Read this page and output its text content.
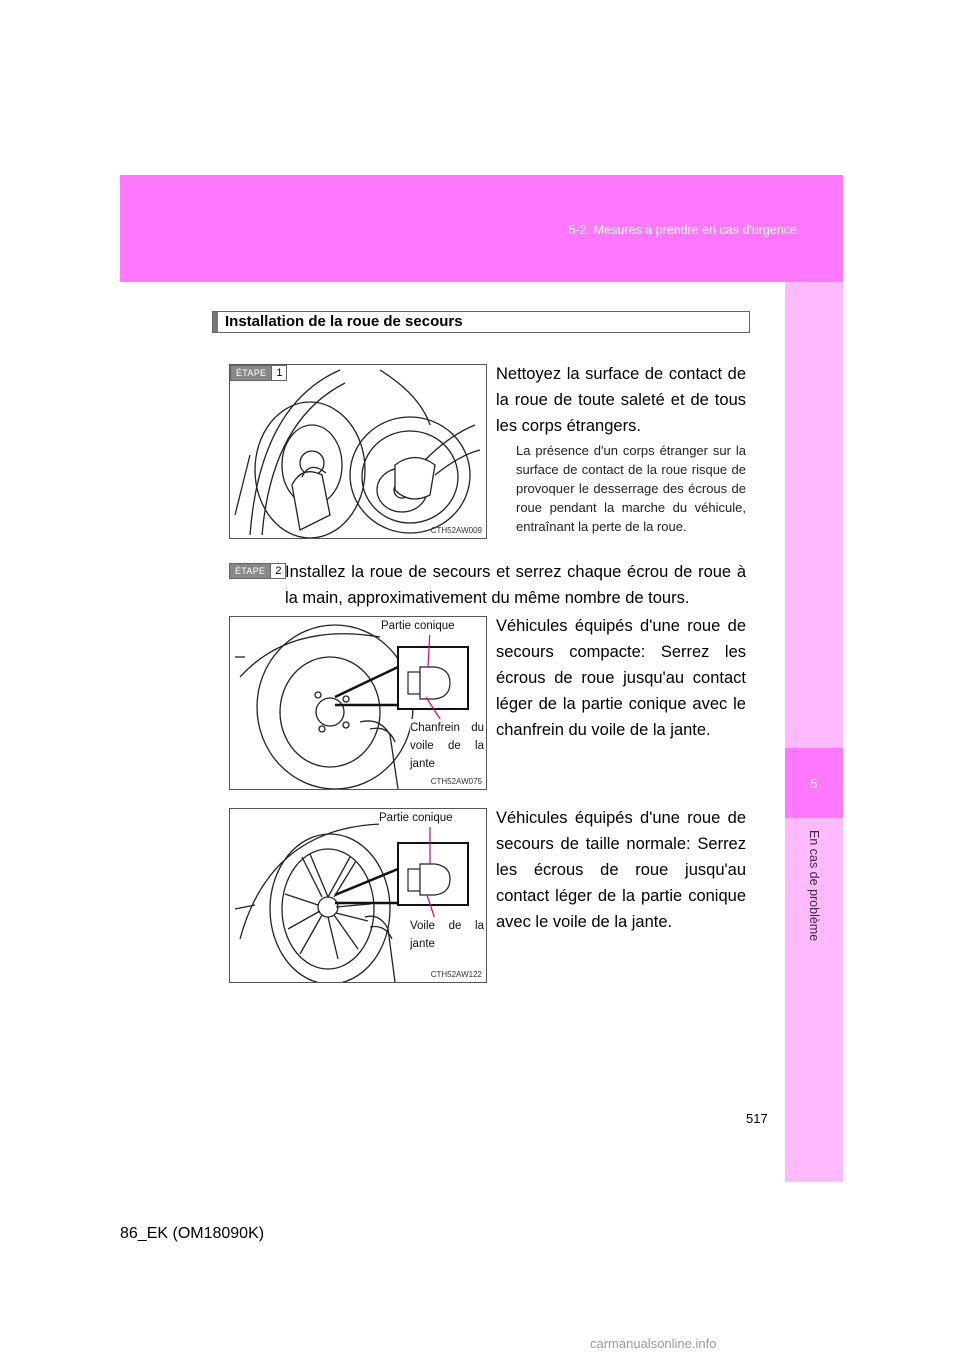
5-2. Mesures à prendre en cas d'urgence
5
En cas de problème
Installation de la roue de secours
ÉTAPE 1
CTH52AW009
Nettoyez la surface de contact de la roue de toute saleté et de tous les corps étrangers.
La présence d'un corps étranger sur la surface de contact de la roue risque de provoquer le desserrage des écrous de roue pendant la marche du véhicule, entraînant la perte de la roue.
ÉTAPE 2 Installez la roue de secours et serrez chaque écrou de roue à la main, approximativement du même nombre de tours.
CTH52AW075
Partie conique
Chanfrein du voile de la jante
Véhicules équipés d'une roue de secours compacte: Serrez les écrous de roue jusqu'au contact léger de la partie conique avec le chanfrein du voile de la jante.
CTH52AW122
Partie conique
Voile de la jante
Véhicules équipés d'une roue de secours de taille normale: Serrez les écrous de roue jusqu'au contact léger de la partie conique avec le voile de la jante.
517
86_EK (OM18090K)
carmanualsonline.info
